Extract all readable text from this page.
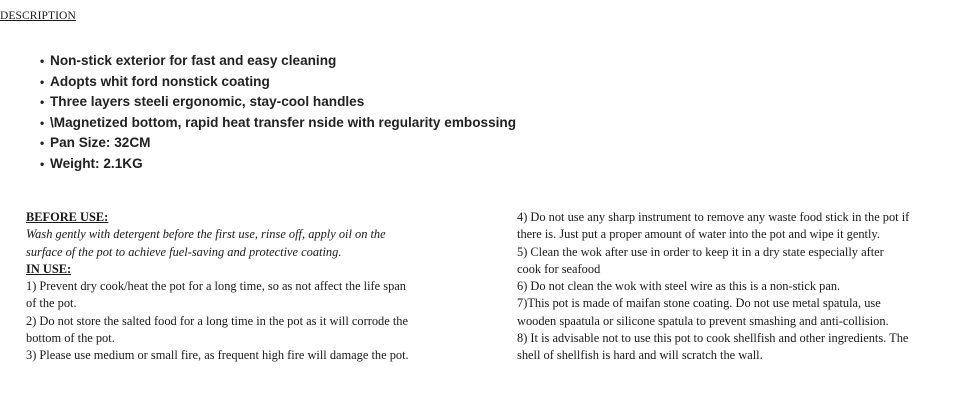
DESCRIPTION
• Non-stick exterior for fast and easy cleaning
• Adopts whit ford nonstick coating
• Three layers steeli ergonomic, stay-cool handles
• \Magnetized bottom, rapid heat transfer nside with regularity embossing
• Pan Size: 32CM
• Weight: 2.1KG
BEFORE USE:
Wash gently with detergent before the first use, rinse off, apply oil on the
surface of the pot to achieve fuel-saving and protective coating.
IN USE:
1) Prevent dry cook/heat the pot for a long time, so as not affect the life span
of the pot.
2) Do not store the salted food for a long time in the pot as it will corrode the
bottom of the pot.
3) Please use medium or small fire, as frequent high fire will damage the pot.
4) Do not use any sharp instrument to remove any waste food stick in the pot if
there is. Just put a proper amount of water into the pot and wipe it gently.
5) Clean the wok after use in order to keep it in a dry state especially after
cook for seafood
6) Do not clean the wok with steel wire as this is a non-stick pan.
7)This pot is made of maifan stone coating. Do not use metal spatula, use
wooden spaatula or silicone spatula to prevent smashing and anti-collision.
8) It is advisable not to use this pot to cook shellfish and other ingredients. The
shell of shellfish is hard and will scratch the wall.
